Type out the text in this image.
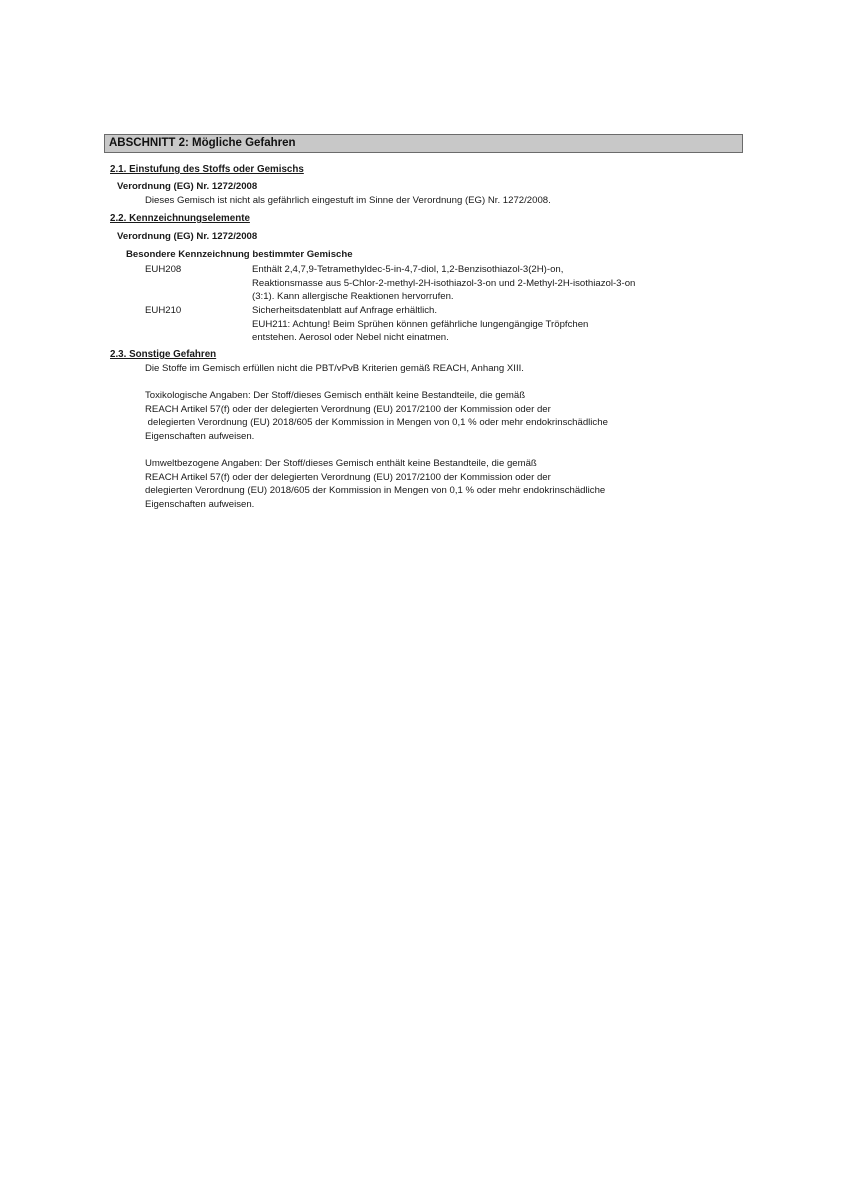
ABSCHNITT 2: Mögliche Gefahren
2.1. Einstufung des Stoffs oder Gemischs
Verordnung (EG) Nr. 1272/2008
Dieses Gemisch ist nicht als gefährlich eingestuft im Sinne der Verordnung (EG) Nr. 1272/2008.
2.2. Kennzeichnungselemente
Verordnung (EG) Nr. 1272/2008
Besondere Kennzeichnung bestimmter Gemische
EUH208	Enthält 2,4,7,9-Tetramethyldec-5-in-4,7-diol, 1,2-Benzisothiazol-3(2H)-on,
Reaktionsmasse aus 5-Chlor-2-methyl-2H-isothiazol-3-on und 2-Methyl-2H-isothiazol-3-on
(3:1). Kann allergische Reaktionen hervorrufen.
EUH210	Sicherheitsdatenblatt auf Anfrage erhältlich.
EUH211: Achtung! Beim Sprühen können gefährliche lungengängige Tröpfchen
entstehen. Aerosol oder Nebel nicht einatmen.
2.3. Sonstige Gefahren
Die Stoffe im Gemisch erfüllen nicht die PBT/vPvB Kriterien gemäß REACH, Anhang XIII.
Toxikologische Angaben: Der Stoff/dieses Gemisch enthält keine Bestandteile, die gemäß
REACH Artikel 57(f) oder der delegierten Verordnung (EU) 2017/2100 der Kommission oder der
delegierten Verordnung (EU) 2018/605 der Kommission in Mengen von 0,1 % oder mehr endokrinschädliche
Eigenschaften aufweisen.
Umweltbezogene Angaben: Der Stoff/dieses Gemisch enthält keine Bestandteile, die gemäß
REACH Artikel 57(f) oder der delegierten Verordnung (EU) 2017/2100 der Kommission oder der
delegierten Verordnung (EU) 2018/605 der Kommission in Mengen von 0,1 % oder mehr endokrinschädliche
Eigenschaften aufweisen.
